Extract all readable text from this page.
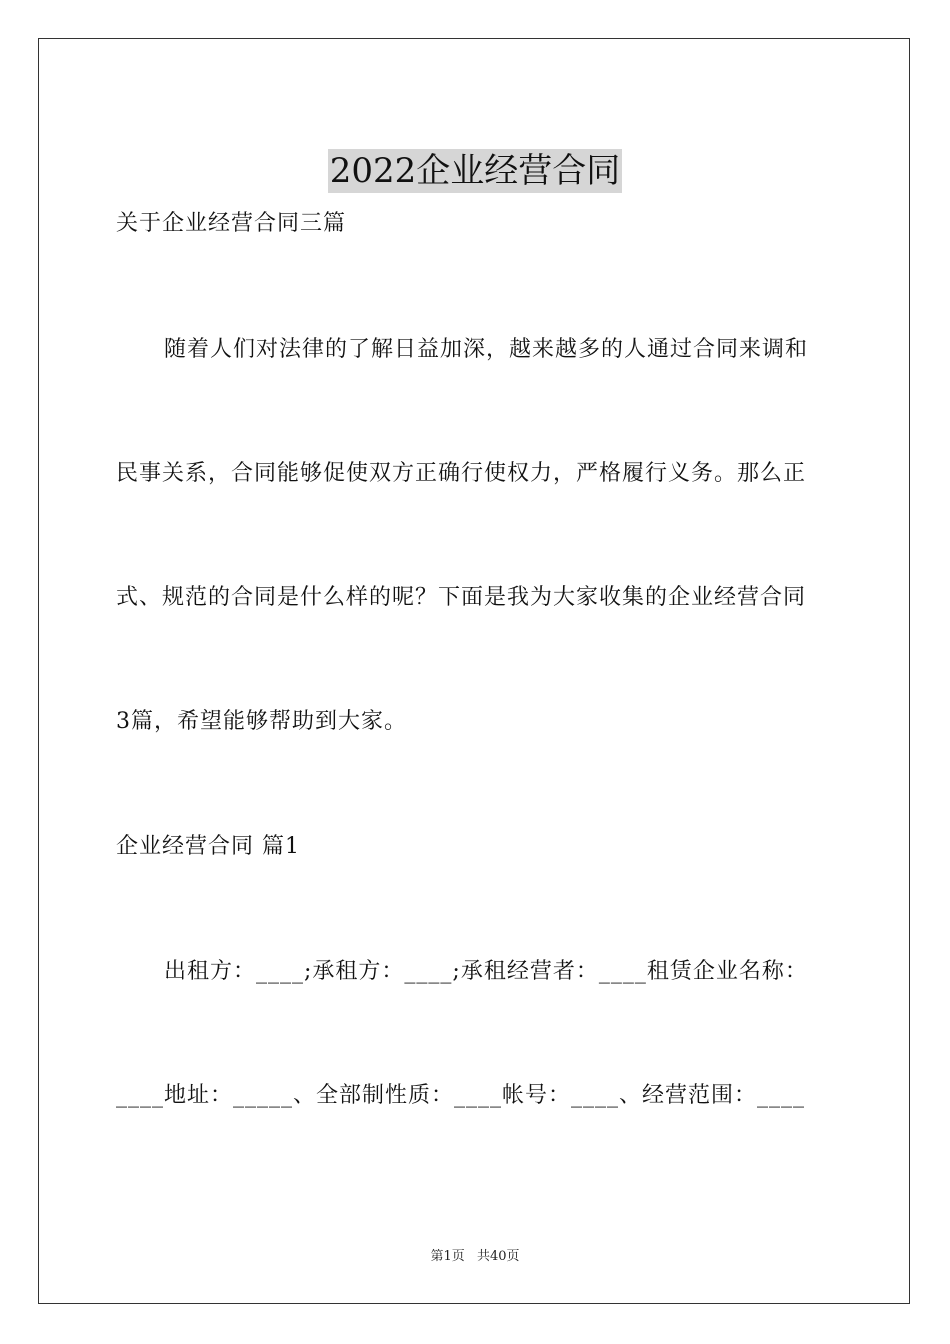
2022企业经营合同
关于企业经营合同三篇
随着人们对法律的了解日益加深，越来越多的人通过合同来调和
民事关系，合同能够促使双方正确行使权力，严格履行义务。那么正
式、规范的合同是什么样的呢？下面是我为大家收集的企业经营合同
3篇，希望能够帮助到大家。
企业经营合同 篇1
出租方：____;承租方：____;承租经营者：____租赁企业名称：
____地址：_____、全部制性质：____帐号：____、经营范围：____
第1页 共40页
